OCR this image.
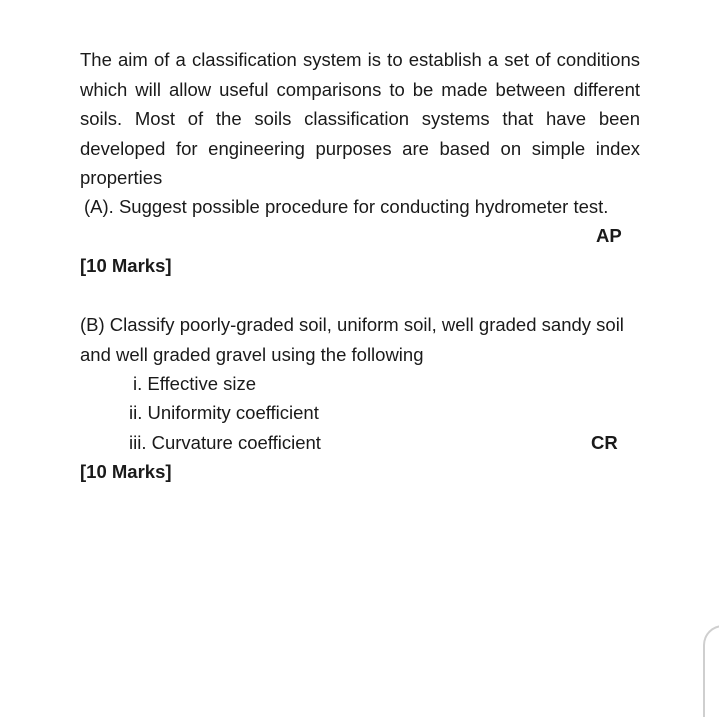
The aim of a classification system is to establish a set of conditions which will allow useful comparisons to be made between different soils. Most of the soils classification systems that have been developed for engineering purposes are based on simple index properties

(A). Suggest possible procedure for conducting hydrometer test.

AP

[10 Marks]

(B) Classify poorly-graded soil, uniform soil, well graded sandy soil and well graded gravel using the following

i. Effective size

ii. Uniformity coefficient

iii. Curvature coefficient	CR

[10 Marks]
